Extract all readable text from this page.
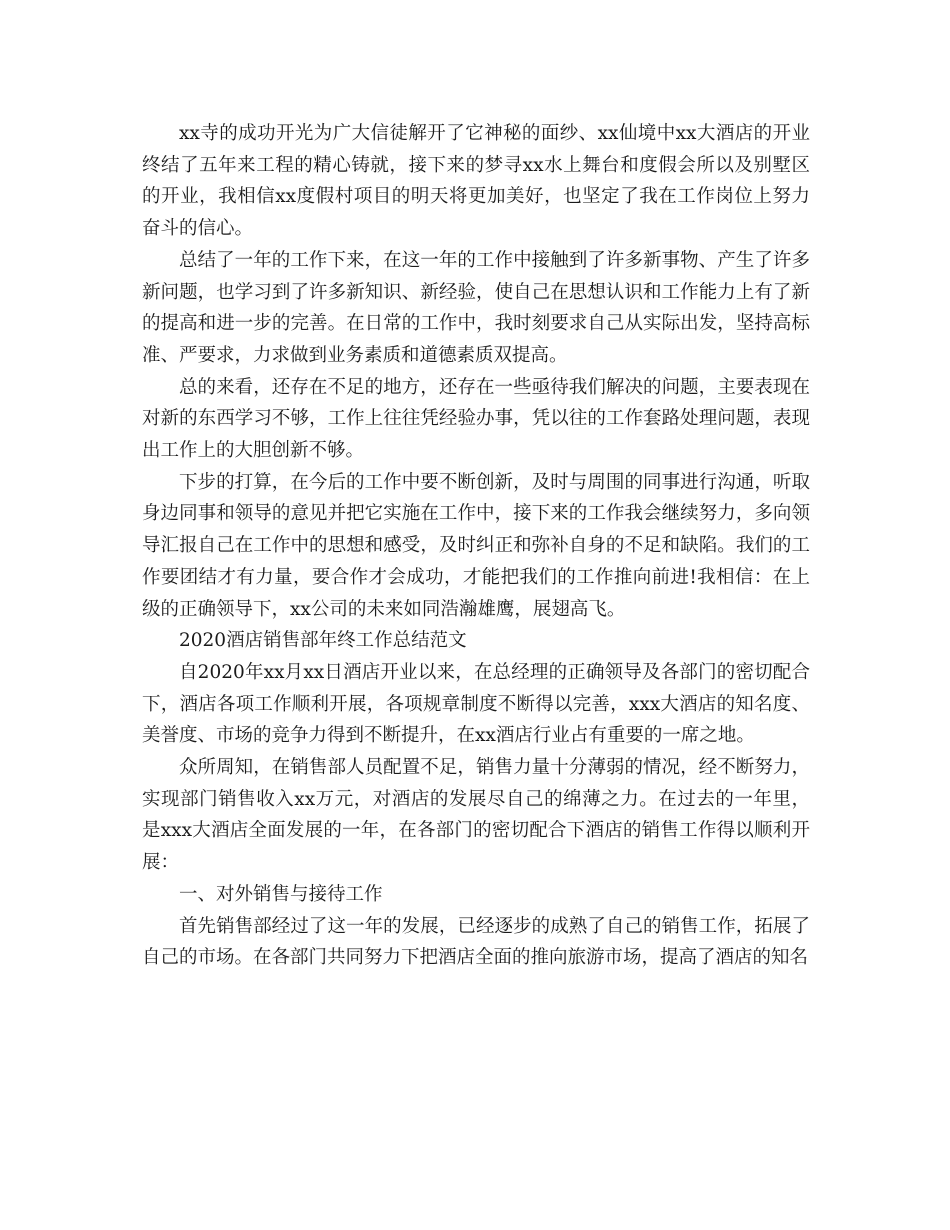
xx寺的成功开光为广大信徒解开了它神秘的面纱、xx仙境中xx大酒店的开业终结了五年来工程的精心铸就，接下来的梦寻xx水上舞台和度假会所以及别墅区的开业，我相信xx度假村项目的明天将更加美好，也坚定了我在工作岗位上努力奋斗的信心。

总结了一年的工作下来，在这一年的工作中接触到了许多新事物、产生了许多新问题，也学习到了许多新知识、新经验，使自己在思想认识和工作能力上有了新的提高和进一步的完善。在日常的工作中，我时刻要求自己从实际出发，坚持高标准、严要求，力求做到业务素质和道德素质双提高。

总的来看，还存在不足的地方，还存在一些亟待我们解决的问题，主要表现在对新的东西学习不够，工作上往往凭经验办事，凭以往的工作套路处理问题，表现出工作上的大胆创新不够。

下步的打算，在今后的工作中要不断创新，及时与周围的同事进行沟通，听取身边同事和领导的意见并把它实施在工作中，接下来的工作我会继续努力，多向领导汇报自己在工作中的思想和感受，及时纠正和弥补自身的不足和缺陷。我们的工作要团结才有力量，要合作才会成功，才能把我们的工作推向前进!我相信：在上级的正确领导下，xx公司的未来如同浩瀚雄鹰，展翅高飞。

2020酒店销售部年终工作总结范文

自2020年xx月xx日酒店开业以来，在总经理的正确领导及各部门的密切配合下，酒店各项工作顺利开展，各项规章制度不断得以完善，xxx大酒店的知名度、美誉度、市场的竞争力得到不断提升，在xx酒店行业占有重要的一席之地。

众所周知，在销售部人员配置不足，销售力量十分薄弱的情况，经不断努力，实现部门销售收入xx万元，对酒店的发展尽自己的绵薄之力。在过去的一年里，是xxx大酒店全面发展的一年，在各部门的密切配合下酒店的销售工作得以顺利开展：

一、对外销售与接待工作

首先销售部经过了这一年的发展，已经逐步的成熟了自己的销售工作，拓展了自己的市场。在各部门共同努力下把酒店全面的推向旅游市场，提高了酒店的知名
